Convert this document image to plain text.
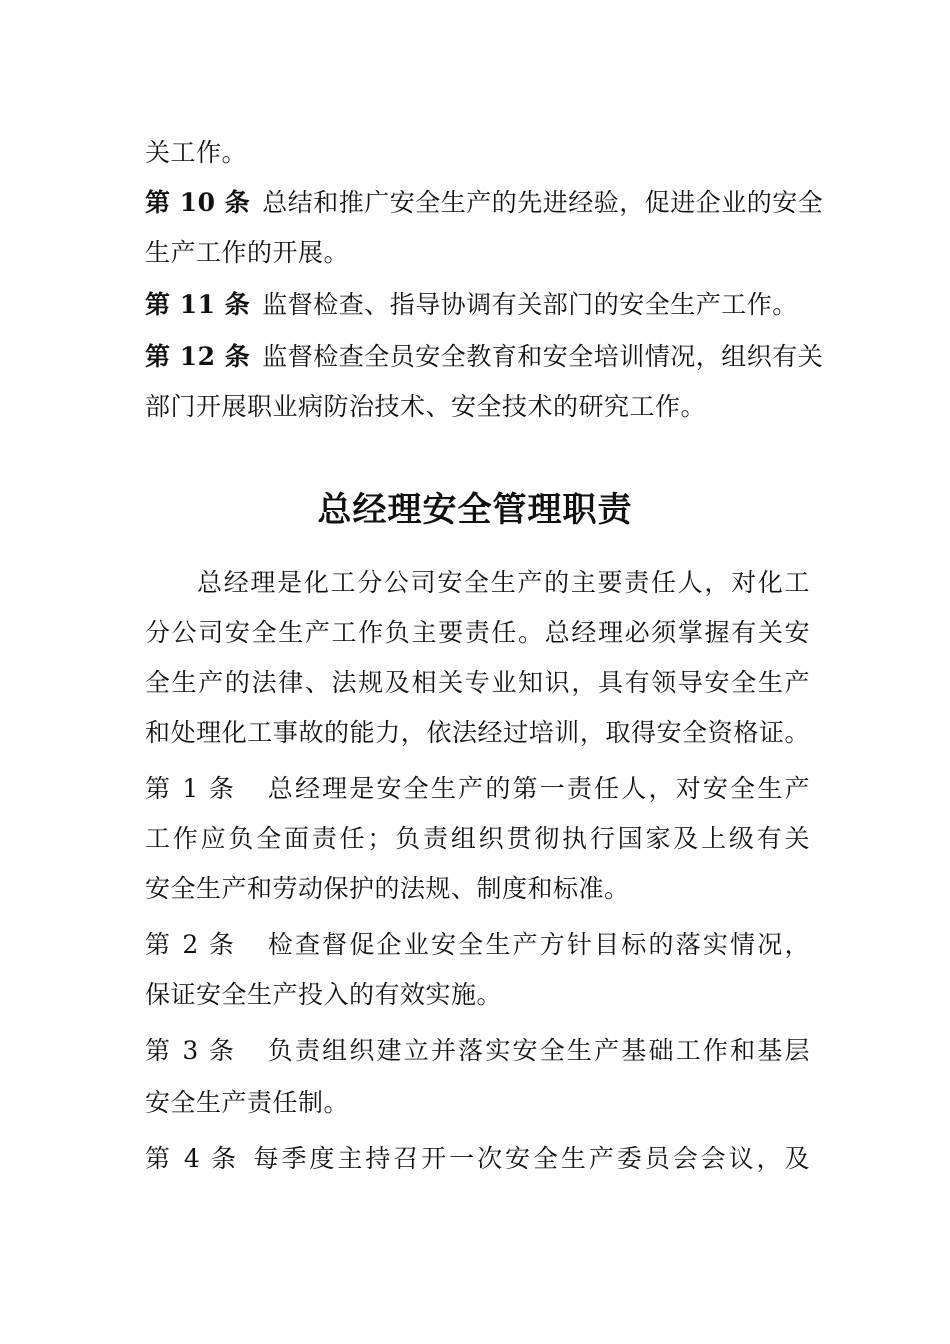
关工作。
第 10 条 总结和推广安全生产的先进经验，促进企业的安全
生产工作的开展。
第 11 条 监督检查、指导协调有关部门的安全生产工作。
第 12 条 监督检查全员安全教育和安全培训情况，组织有关
部门开展职业病防治技术、安全技术的研究工作。
总经理安全管理职责
总经理是化工分公司安全生产的主要责任人，对化工
分公司安全生产工作负主要责任。总经理必须掌握有关安
全生产的法律、法规及相关专业知识，具有领导安全生产
和处理化工事故的能力，依法经过培训，取得安全资格证。
第 1 条 总经理是安全生产的第一责任人，对安全生产
工作应负全面责任；负责组织贯彻执行国家及上级有关
安全生产和劳动保护的法规、制度和标准。
第 2 条 检查督促企业安全生产方针目标的落实情况，
保证安全生产投入的有效实施。
第 3 条 负责组织建立并落实安全生产基础工作和基层
安全生产责任制。
第 4 条 每季度主持召开一次安全生产委员会会议，及
